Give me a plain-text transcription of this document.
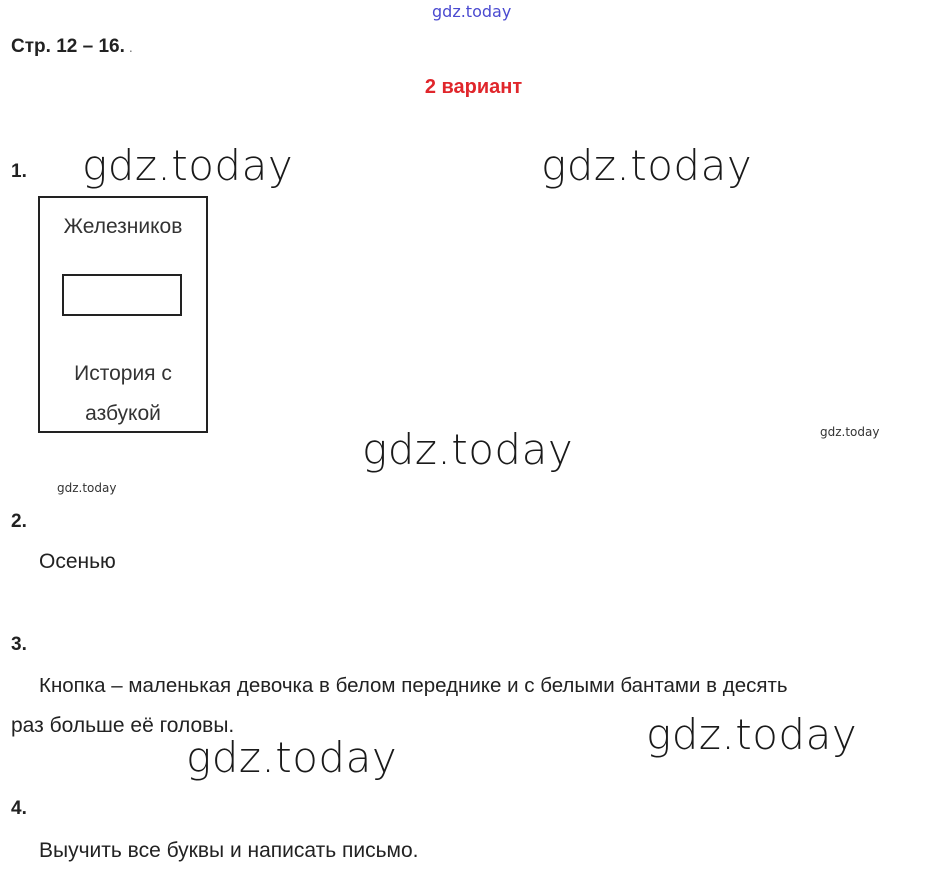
gdz.today
Стр. 12 – 16. .
2 вариант
1. gdz.today	gdz.today
Железников
История с
азбукой
gdz.today	gdz.today
gdz.today
2.
Осенью
3.
Кнопка – маленькая девочка в белом переднике и с белыми бантами в десять
раз больше её головы.
gdz.today	gdz.today
4.
Выучить все буквы и написать письмо.
